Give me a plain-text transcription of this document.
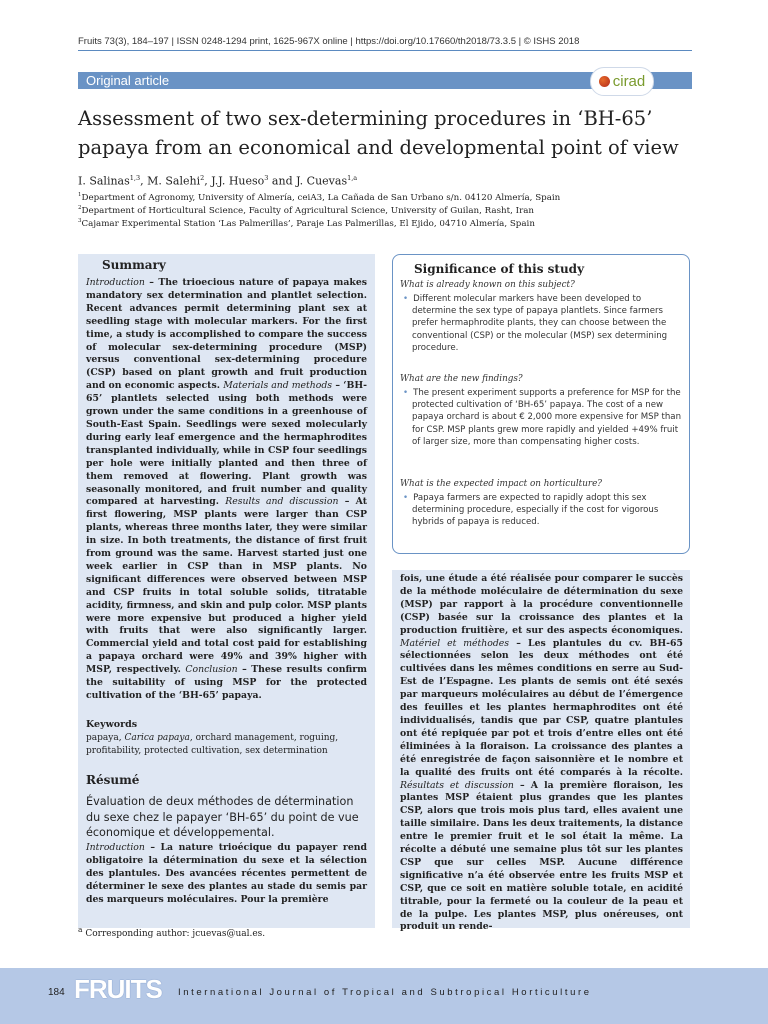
Fruits 73(3), 184–197 | ISSN 0248-1294 print, 1625-967X online | https://doi.org/10.17660/th2018/73.3.5 | © ISHS 2018
Original article	cirad
Assessment of two sex-determining procedures in ‘BH-65’ papaya from an economical and developmental point of view
I. Salinas$^{1,3}$, M. Salehi$^2$, J.J. Hueso$^3$ and J. Cuevas$^{1,a}$
$^1$Department of Agronomy, University of Almería, ceiA3, La Cañada de San Urbano s/n. 04120 Almería, Spain
$^2$Department of Horticultural Science, Faculty of Agricultural Science, University of Guilan, Rasht, Iran
$^3$Cajamar Experimental Station ‘Las Palmerillas’, Paraje Las Palmerillas, El Ejido, 04710 Almería, Spain
Summary
Introduction – The trioecious nature of papaya makes mandatory sex determination and plantlet selection. Recent advances permit determining plant sex at seedling stage with molecular markers. For the first time, a study is accomplished to compare the success of molecular sex-determining procedure (MSP) versus conventional sex-determining procedure (CSP) based on plant growth and fruit production and on economic aspects. Materials and methods – ‘BH-65’ plantlets selected using both methods were grown under the same conditions in a greenhouse of South-East Spain. Seedlings were sexed molecularly during early leaf emergence and the hermaphrodites transplanted individually, while in CSP four seedlings per hole were initially planted and then three of them removed at flowering. Plant growth was seasonally monitored, and fruit number and quality compared at harvesting. Results and discussion – At first flowering, MSP plants were larger than CSP plants, whereas three months later, they were similar in size. In both treatments, the distance of first fruit from ground was the same. Harvest started just one week earlier in CSP than in MSP plants. No significant differences were observed between MSP and CSP fruits in total soluble solids, titratable acidity, firmness, and skin and pulp color. MSP plants were more expensive but produced a higher yield with fruits that were also significantly larger. Commercial yield and total cost paid for establishing a papaya orchard were 49% and 39% higher with MSP, respectively. Conclusion – These results confirm the suitability of using MSP for the protected cultivation of the ‘BH-65’ papaya.
Keywords
papaya, Carica papaya, orchard management, roguing, profitability, protected cultivation, sex determination
Résumé
Évaluation de deux méthodes de détermination du sexe chez le papayer ‘BH-65’ du point de vue économique et développemental.
Introduction – La nature trioécique du papayer rend obligatoire la détermination du sexe et la sélection des plantules. Des avancées récentes permettent de déterminer le sexe des plantes au stade du semis par des marqueurs moléculaires. Pour la première
Significance of this study
What is already known on this subject?
• Different molecular markers have been developed to determine the sex type of papaya plantlets. Since farmers prefer hermaphrodite plants, they can choose between the conventional (CSP) or the molecular (MSP) sex determining procedure.
What are the new findings?
• The present experiment supports a preference for MSP for the protected cultivation of ‘BH-65’ papaya. The cost of a new papaya orchard is about € 2,000 more expensive for MSP than for CSP. MSP plants grew more rapidly and yielded +49% fruit of larger size, more than compensating higher costs.
What is the expected impact on horticulture?
• Papaya farmers are expected to rapidly adopt this sex determining procedure, especially if the cost for vigorous hybrids of papaya is reduced.
fois, une étude a été réalisée pour comparer le succès de la méthode moléculaire de détermination du sexe (MSP) par rapport à la procédure conventionnelle (CSP) basée sur la croissance des plantes et la production fruitière, et sur des aspects économiques. Matériel et méthodes – Les plantules du cv. BH-65 sélectionnées selon les deux méthodes ont été cultivées dans les mêmes conditions en serre au Sud-Est de l’Espagne. Les plants de semis ont été sexés par marqueurs moléculaires au début de l’émergence des feuilles et les plantes hermaphrodites ont été individualisés, tandis que par CSP, quatre plantules ont été repiquée par pot et trois d’entre elles ont été éliminées à la floraison. La croissance des plantes a été enregistrée de façon saisonnière et le nombre et la qualité des fruits ont été comparés à la récolte. Résultats et discussion – A la première floraison, les plantes MSP étaient plus grandes que les plantes CSP, alors que trois mois plus tard, elles avaient une taille similaire. Dans les deux traitements, la distance entre le premier fruit et le sol était la même. La récolte a débuté une semaine plus tôt sur les plantes CSP que sur celles MSP. Aucune différence significative n’a été observée entre les fruits MSP et CSP, que ce soit en matière soluble totale, en acidité titrable, pour la fermeté ou la couleur de la peau et de la pulpe. Les plantes MSP, plus onéreuses, ont produit un rende-
$^a$ Corresponding author: jcuevas@ual.es.
184 FRUITS International Journal of Tropical and Subtropical Horticulture
